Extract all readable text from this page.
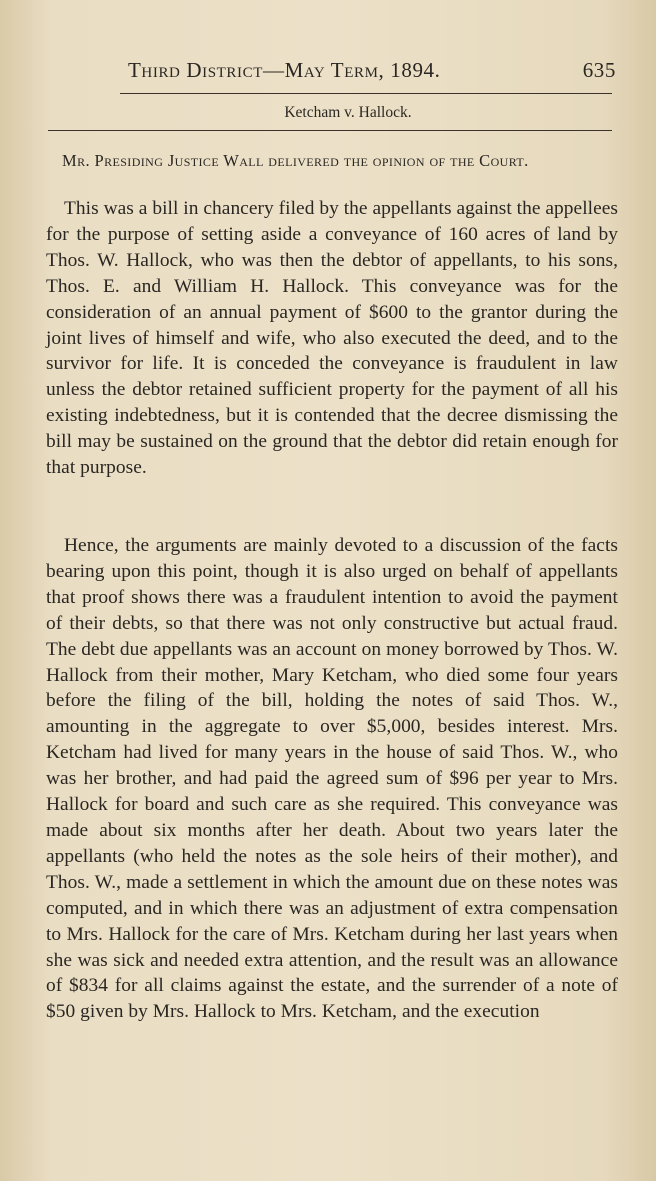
Third District—May Term, 1894.	635
Ketcham v. Hallock.
Mr. Presiding Justice Wall delivered the opinion of the Court.

This was a bill in chancery filed by the appellants against the appellees for the purpose of setting aside a conveyance of 160 acres of land by Thos. W. Hallock, who was then the debtor of appellants, to his sons, Thos. E. and William H. Hallock. This conveyance was for the consideration of an annual payment of $600 to the grantor during the joint lives of himself and wife, who also executed the deed, and to the survivor for life. It is conceded the conveyance is fraudulent in law unless the debtor retained sufficient property for the payment of all his existing indebtedness, but it is contended that the decree dismissing the bill may be sustained on the ground that the debtor did retain enough for that purpose.

Hence, the arguments are mainly devoted to a discussion of the facts bearing upon this point, though it is also urged on behalf of appellants that proof shows there was a fraudulent intention to avoid the payment of their debts, so that there was not only constructive but actual fraud. The debt due appellants was an account on money borrowed by Thos. W. Hallock from their mother, Mary Ketcham, who died some four years before the filing of the bill, holding the notes of said Thos. W., amounting in the aggregate to over $5,000, besides interest. Mrs. Ketcham had lived for many years in the house of said Thos. W., who was her brother, and had paid the agreed sum of $96 per year to Mrs. Hallock for board and such care as she required. This conveyance was made about six months after her death. About two years later the appellants (who held the notes as the sole heirs of their mother), and Thos. W., made a settlement in which the amount due on these notes was computed, and in which there was an adjustment of extra compensation to Mrs. Hallock for the care of Mrs. Ketcham during her last years when she was sick and needed extra attention, and the result was an allowance of $834 for all claims against the estate, and the surrender of a note of $50 given by Mrs. Hallock to Mrs. Ketcham, and the execution
